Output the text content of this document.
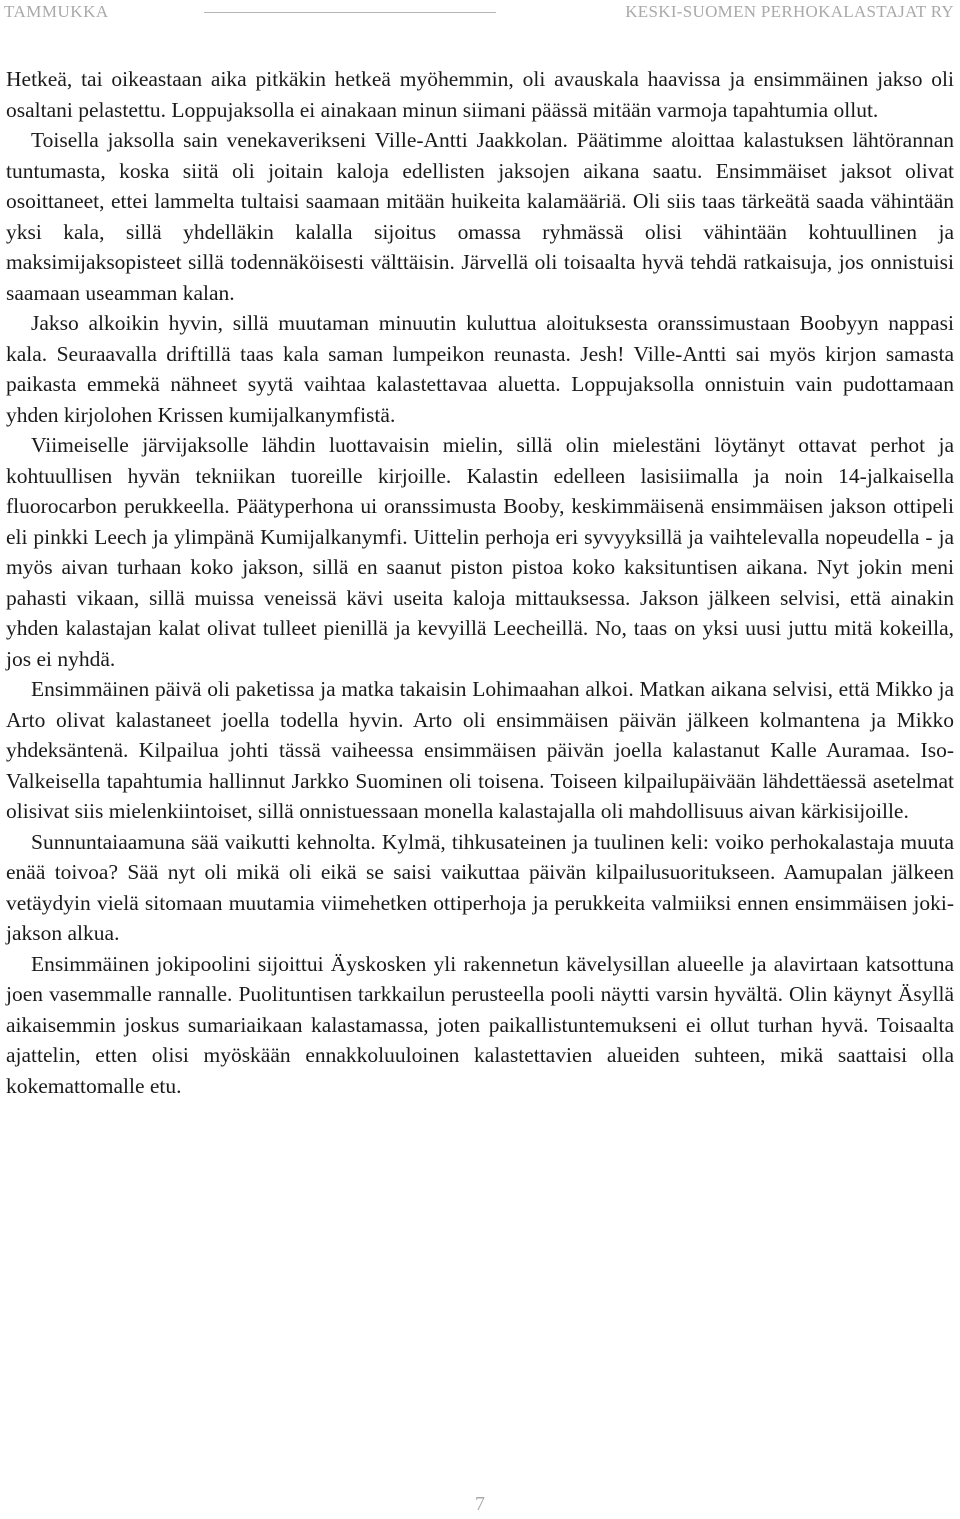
TAMMUKKA	KESKI-SUOMEN PERHOKALASTAJAT RY

Hetkeä, tai oikeastaan aika pitkäkin hetkeä myöhemmin, oli avauskala haavissa ja ensimmäinen jakso oli osaltani pelastettu. Loppujaksolla ei ainakaan minun siimani päässä mitään varmoja tapahtumia ollut.

Toisella jaksolla sain venekaverikseni Ville-Antti Jaakkolan. Päätimme aloittaa kalastuksen lähtörannan tuntumasta, koska siitä oli joitain kaloja edellisten jaksojen aikana saatu. Ensimmäiset jaksot olivat osoittaneet, ettei lammelta tultaisi saamaan mitään huikeita kalamääriä. Oli siis taas tärkeätä saada vähintään yksi kala, sillä yhdelläkin kalalla sijoitus omassa ryhmässä olisi vähintään kohtuullinen ja maksimijaksopisteet sillä todennäköisesti välttäisin. Järvellä oli toisaalta hyvä tehdä ratkaisuja, jos onnistuisi saamaan useamman kalan.

Jakso alkoikin hyvin, sillä muutaman minuutin kuluttua aloituksesta oranssimustaan Boobyyn nappasi kala. Seuraavalla driftillä taas kala saman lumpeikon reunasta. Jesh! Ville-Antti sai myös kirjon samasta paikasta emmekä nähneet syytä vaihtaa kalastettavaa aluetta. Loppujaksolla onnistuin vain pudottamaan yhden kirjolohen Krissen kumijalkanymfistä.

Viimeiselle järvijaksolle lähdin luottavaisin mielin, sillä olin mielestäni löytänyt ottavat perhot ja kohtuullisen hyvän tekniikan tuoreille kirjoille. Kalastin edelleen lasisiimalla ja noin 14-jalkaisella fluorocarbon perukkeella. Päätyperhona ui oranssimusta Booby, keskimmäisenä ensimmäisen jakson ottipeli eli pinkki Leech ja ylimpänä Kumijalkanymfi. Uittelin perhoja eri syvyyksillä ja vaihtelevalla nopeudella - ja myös aivan turhaan koko jakson, sillä en saanut piston pistoa koko kaksituntisen aikana. Nyt jokin meni pahasti vikaan, sillä muissa veneissä kävi useita kaloja mittauksessa. Jakson jälkeen selvisi, että ainakin yhden kalastajan kalat olivat tulleet pienillä ja kevyillä Leecheillä. No, taas on yksi uusi juttu mitä kokeilla, jos ei nyhdä.

Ensimmäinen päivä oli paketissa ja matka takaisin Lohimaahan alkoi. Matkan aikana selvisi, että Mikko ja Arto olivat kalastaneet joella todella hyvin. Arto oli ensimmäisen päivän jälkeen kolmantena ja Mikko yhdeksäntenä. Kilpailua johti tässä vaiheessa ensimmäisen päivän joella kalastanut Kalle Auramaa. Iso-Valkeisella tapahtumia hallinnut Jarkko Suominen oli toisena. Toiseen kilpailupäivään lähdettäessä asetelmat olisivat siis mielenkiintoiset, sillä onnistuessaan monella kalastajalla oli mahdollisuus aivan kärkisijoille.

Sunnuntaiaamuna sää vaikutti kehnolta. Kylmä, tihkusateinen ja tuulinen keli: voiko perhokalastaja muuta enää toivoa? Sää nyt oli mikä oli eikä se saisi vaikuttaa päivän kilpailusuoritukseen. Aamupalan jälkeen vetäydyin vielä sitomaan muutamia viimehetken ottiperhoja ja perukkeita valmiiksi ennen ensimmäisen jokijakson alkua.

Ensimmäinen jokipoolini sijoittui Äyskosken yli rakennetun kävelysillan alueelle ja alavirtaan katsottuna joen vasemmalle rannalle. Puolituntisen tarkkailun perusteella pooli näytti varsin hyvältä. Olin käynyt Äsyllä aikaisemmin joskus sumariaikaan kalastamassa, joten paikallistuntemukseni ei ollut turhan hyvä. Toisaalta ajattelin, etten olisi myöskään ennakkoluuloinen kalastettavien alueiden suhteen, mikä saattaisi olla kokemattomalle etu.

7
